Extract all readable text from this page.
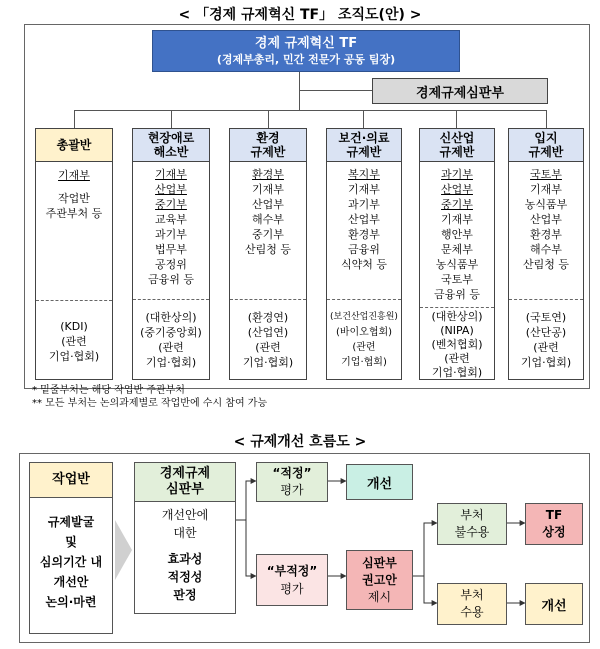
< 「경제 규제혁신 TF」 조직도(안) >
경제 규제혁신 TF
(경제부총리, 민간 전문가 공동 팀장)
경제규제심판부
총괄반
기재부
작업반
주관부처 등
(KDI)
(관련
기업·협회)
현장애로
해소반
기재부
산업부
중기부
교육부
과기부
법무부
공정위
금융위 등
(대한상의)
(중기중앙회)
(관련
기업·협회)
환경
규제반
환경부
기재부
산업부
해수부
중기부
산림청 등
(환경연)
(산업연)
(관련
기업·협회)
보건·의료
규제반
복지부
기재부
과기부
산업부
환경부
금융위
식약처 등
(보건산업진흥원)
(바이오협회)
(관련
기업·협회)
신산업
규제반
과기부
산업부
중기부
기재부
행안부
문체부
농식품부
국토부
금융위 등
(대한상의)
(NIPA)
(벤처협회)
(관련
기업·협회)
입지
규제반
국토부
기재부
농식품부
산업부
환경부
해수부
산림청 등
(국토연)
(산단공)
(관련
기업·협회)
* 밑줄부처는 해당 작업반 주관부처
** 모든 부처는 논의과제별로 작업반에 수시 참여 가능
< 규제개선 흐름도 >
작업반
규제발굴
및
심의기간 내
개선안
논의·마련
경제규제
심판부
개선안에
대한
효과성
적정성
판정
“적정”
평가	개선
“부적정”
평가
심판부
권고안
제시
부처
불수용
TF
상정
부처
수용	개선
